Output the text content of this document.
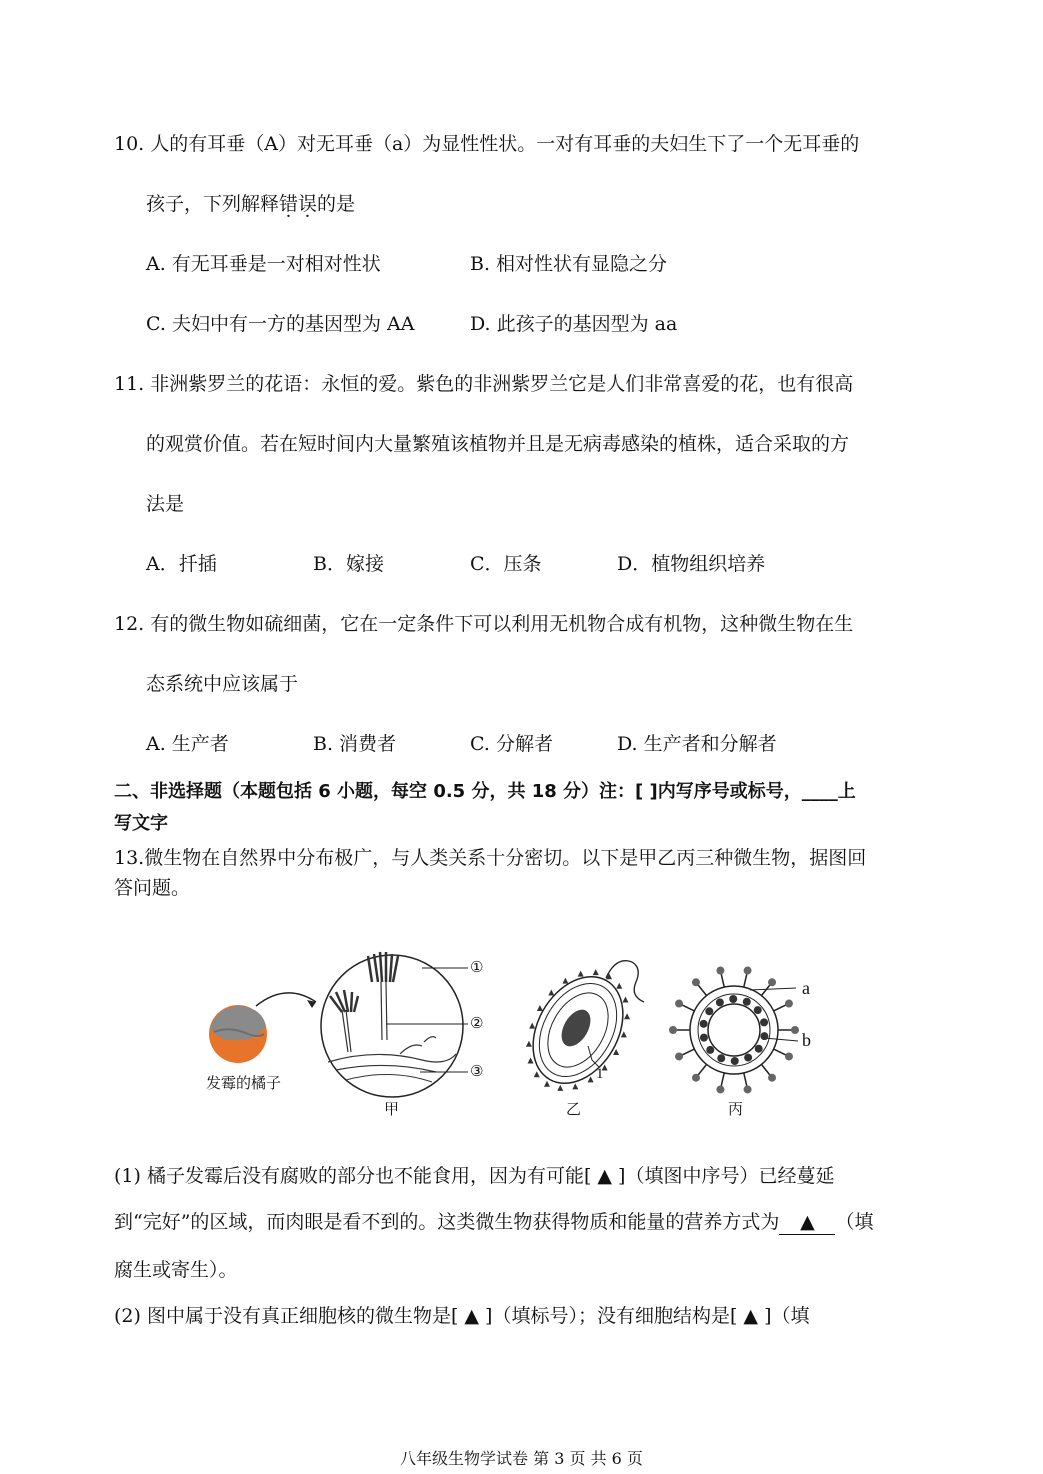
10. 人的有耳垂（A）对无耳垂（a）为显性性状。一对有耳垂的夫妇生下了一个无耳垂的
孩子，下列解释错误的是
A. 有无耳垂是一对相对性状	B. 相对性状有显隐之分
C. 夫妇中有一方的基因型为 AA	D. 此孩子的基因型为 aa
11. 非洲紫罗兰的花语：永恒的爱。紫色的非洲紫罗兰它是人们非常喜爱的花，也有很高
的观赏价值。若在短时间内大量繁殖该植物并且是无病毒感染的植株，适合采取的方
法是
A．扦插	B．嫁接	C．压条	D．植物组织培养
12. 有的微生物如硫细菌，它在一定条件下可以利用无机物合成有机物，这种微生物在生
态系统中应该属于
A. 生产者	B. 消费者	C. 分解者	D. 生产者和分解者
二、非选择题（本题包括 6 小题，每空 0.5 分，共 18 分）注：[ ]内写序号或标号，____上
写文字
13.微生物在自然界中分布极广，与人类关系十分密切。以下是甲乙丙三种微生物，据图回
答问题。
发霉的橘子
①
②
③	1
a
b
甲	乙	丙
(1) 橘子发霉后没有腐败的部分也不能食用，因为有可能[ ▲ ]（填图中序号）已经蔓延
到“完好”的区域，而肉眼是看不到的。这类微生物获得物质和能量的营养方式为 ▲ （填
腐生或寄生）。
(2) 图中属于没有真正细胞核的微生物是[ ▲ ]（填标号）；没有细胞结构是[ ▲ ]（填
八年级生物学试卷 第 3 页 共 6 页
